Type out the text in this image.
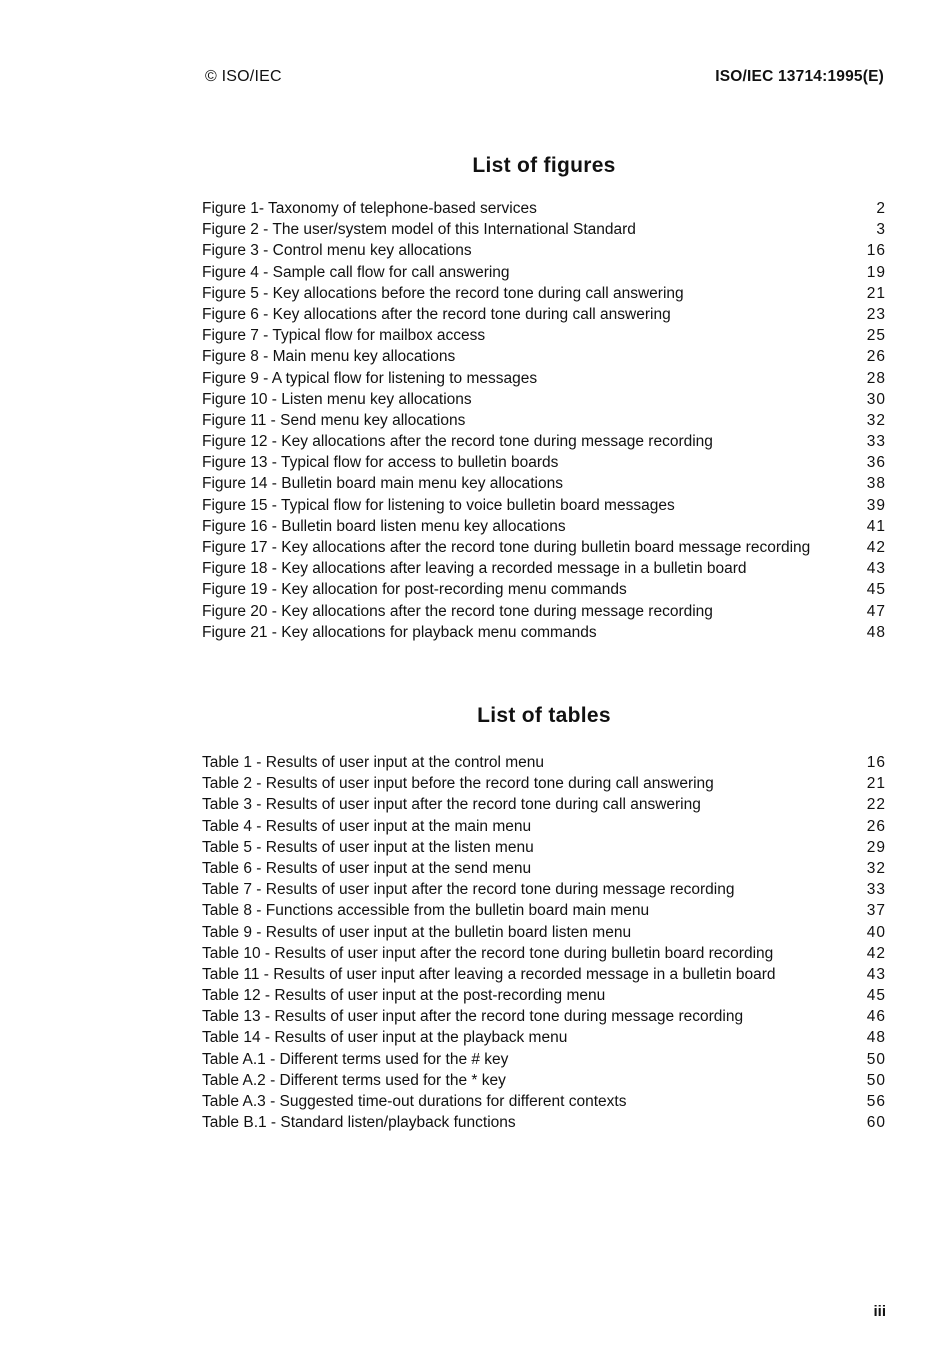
© ISO/IEC	ISO/IEC 13714:1995(E)
List of figures
Figure 1- Taxonomy of telephone-based services	2
Figure 2 - The user/system model of this International Standard	3
Figure 3 - Control menu key allocations	16
Figure 4 - Sample call flow for call answering	19
Figure 5 - Key allocations before the record tone during call answering	21
Figure 6 - Key allocations after the record tone during call answering	23
Figure 7 - Typical flow for mailbox access	25
Figure 8 - Main menu key allocations	26
Figure 9 - A typical flow for listening to messages	28
Figure 10 - Listen menu key allocations	30
Figure 11 - Send menu key allocations	32
Figure 12 - Key allocations after the record tone during message recording	33
Figure 13 - Typical flow for access to bulletin boards	36
Figure 14 - Bulletin board main menu key allocations	38
Figure 15 - Typical flow for listening to voice bulletin board messages	39
Figure 16 - Bulletin board listen menu key allocations	41
Figure 17 - Key allocations after the record tone during bulletin board message recording	42
Figure 18 - Key allocations after leaving a recorded message in a bulletin board	43
Figure 19 - Key allocation for post-recording menu commands	45
Figure 20 - Key allocations after the record tone during message recording	47
Figure 21 - Key allocations for playback menu commands	48
List of tables
Table 1 - Results of user input at the control menu	16
Table 2 - Results of user input before the record tone during call answering	21
Table 3 - Results of user input after the record tone during call answering	22
Table 4 - Results of user input at the main menu	26
Table 5 - Results of user input at the listen menu	29
Table 6 - Results of user input at the send menu	32
Table 7 - Results of user input after the record tone during message recording	33
Table 8 - Functions accessible from the bulletin board main menu	37
Table 9 - Results of user input at the bulletin board listen menu	40
Table 10 - Results of user input after the record tone during bulletin board recording	42
Table 11 - Results of user input after leaving a recorded message in a bulletin board	43
Table 12 - Results of user input at the post-recording menu	45
Table 13 - Results of user input after the record tone during message recording	46
Table 14 - Results of user input at the playback menu	48
Table A.1 - Different terms used for the # key	50
Table A.2 - Different terms used for the * key	50
Table A.3 - Suggested time-out durations for different contexts	56
Table B.1 - Standard listen/playback functions	60
iii
